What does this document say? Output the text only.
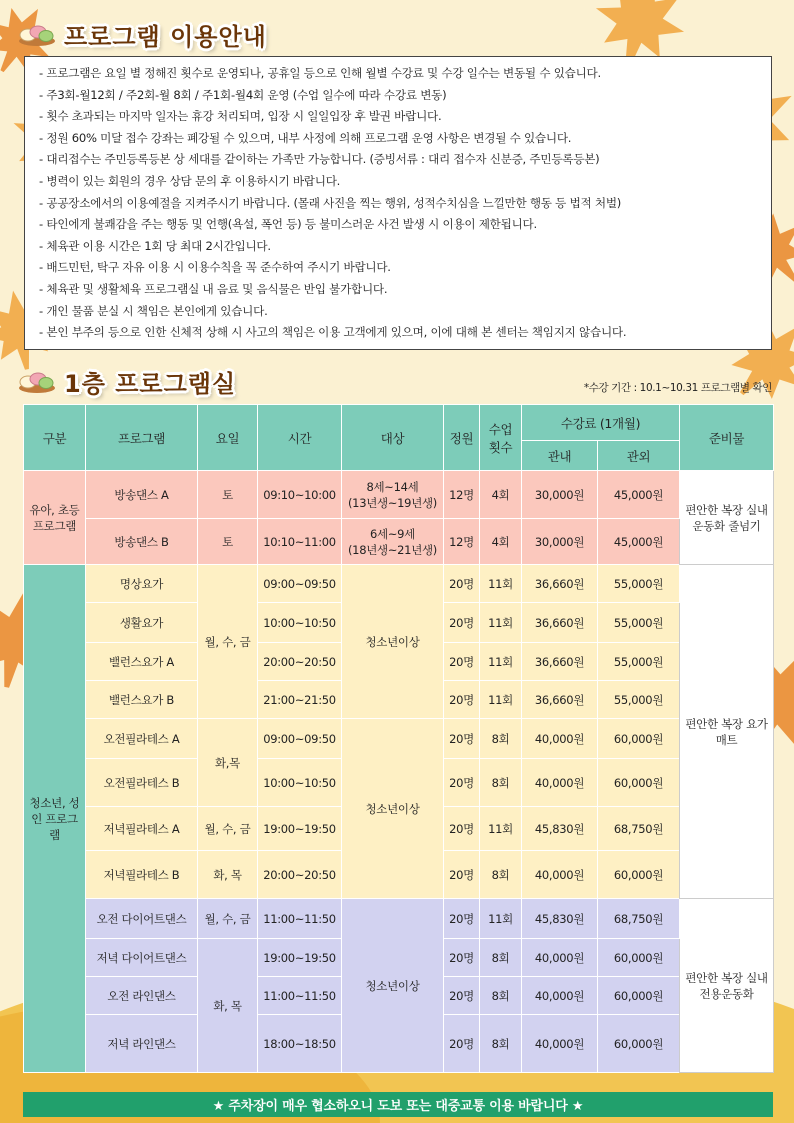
프로그램 이용안내
- 프로그램은 요일 별 정해진 횟수로 운영되나, 공휴일 등으로 인해 월별 수강료 및 수강 일수는 변동될 수 있습니다.
- 주3회-월12회 / 주2회-월 8회 / 주1회-월4회 운영 (수업 일수에 따라 수강료 변동)
- 횟수 초과되는 마지막 일자는 휴강 처리되며, 입장 시 일일입장 후 발권 바랍니다.
- 정원 60% 미달 접수 강좌는 폐강될 수 있으며, 내부 사정에 의해 프로그램 운영 사항은 변경될 수 있습니다.
- 대리접수는 주민등록등본 상 세대를 같이하는 가족만 가능합니다. (증빙서류 : 대리 접수자 신분증, 주민등록등본)
- 병력이 있는 회원의 경우 상담 문의 후 이용하시기 바랍니다.
- 공공장소에서의 이용예절을 지켜주시기 바랍니다. (몰래 사진을 찍는 행위, 성적수치심을 느낄만한 행동 등 법적 처벌)
- 타인에게 불쾌감을 주는 행동 및 언행(욕설, 폭언 등) 등 불미스러운 사건 발생 시 이용이 제한됩니다.
- 체육관 이용 시간은 1회 당 최대 2시간입니다.
- 배드민턴, 탁구 자유 이용 시 이용수칙을 꼭 준수하여 주시기 바랍니다.
- 체육관 및 생활체육 프로그램실 내 음료 및 음식물은 반입 불가합니다.
- 개인 물품 분실 시 책임은 본인에게 있습니다.
- 본인 부주의 등으로 인한 신체적 상해 시 사고의 책임은 이용 고객에게 있으며, 이에 대해 본 센터는 책임지지 않습니다.
1층 프로그램실	*수강 기간 : 10.1~10.31 프로그램별 확인
구분	프로그램	요일	시간	대상	정원	수업 횟수	수강료 (1개월)		준비물
							관내	관외	
유아, 초등 프로그램	방송댄스 A	토	09:10~10:00	8세~14세
(13년생~19년생)	12명	4회	30,000원	45,000원	편안한 복장 실내운동화 줄넘기
	방송댄스 B	토	10:10~11:00	6세~9세
(18년생~21년생)	12명	4회	30,000원	45,000원	
청소년, 성인 프로그램	명상요가	월, 수, 금	09:00~09:50	청소년이상	20명	11회	36,660원	55,000원	편안한 복장 요가매트
	생활요가		10:00~10:50		20명	11회	36,660원	55,000원	
	밸런스요가 A		20:00~20:50		20명	11회	36,660원	55,000원	
	밸런스요가 B		21:00~21:50		20명	11회	36,660원	55,000원	
	오전필라테스 A	화,목	09:00~09:50	청소년이상	20명	8회	40,000원	60,000원	
	오전필라테스 B		10:00~10:50		20명	8회	40,000원	60,000원	
	저녁필라테스 A	월, 수, 금	19:00~19:50		20명	11회	45,830원	68,750원	
	저녁필라테스 B	화, 목	20:00~20:50		20명	8회	40,000원	60,000원	
	오전 다이어트댄스	월, 수, 금	11:00~11:50	청소년이상	20명	11회	45,830원	68,750원	편안한 복장 실내전용운동화
	저녁 다이어트댄스	화, 목	19:00~19:50		20명	8회	40,000원	60,000원	
	오전 라인댄스		11:00~11:50		20명	8회	40,000원	60,000원	
	저녁 라인댄스		18:00~18:50		20명	8회	40,000원	60,000원	
★ 주차장이 매우 협소하오니 도보 또는 대중교통 이용 바랍니다 ★
